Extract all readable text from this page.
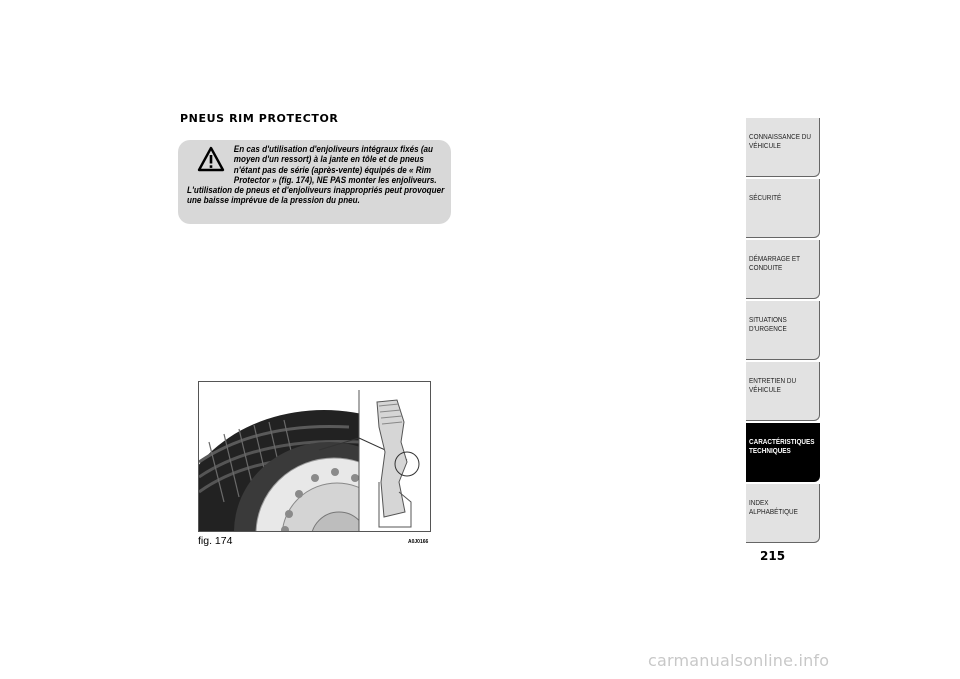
PNEUS RIM PROTECTOR

En cas d'utilisation d'enjoliveurs intégraux fixés (au moyen d'un ressort) à la jante en tôle et de pneus n'étant pas de série (après-vente) équipés de « Rim Protector » (fig. 174), NE PAS monter les enjoliveurs. L'utilisation de pneus et d'enjoliveurs inappropriés peut provoquer une baisse imprévue de la pression du pneu.

fig. 174	A0J0166
CONNAISSANCE DU
VÉHICULE
SÉCURITÉ
DÉMARRAGE ET
CONDUITE
SITUATIONS
D'URGENCE
ENTRETIEN DU
VÉHICULE
CARACTÉRISTIQUES
TECHNIQUES
INDEX
ALPHABÉTIQUE
215
carmanualsonline.info
